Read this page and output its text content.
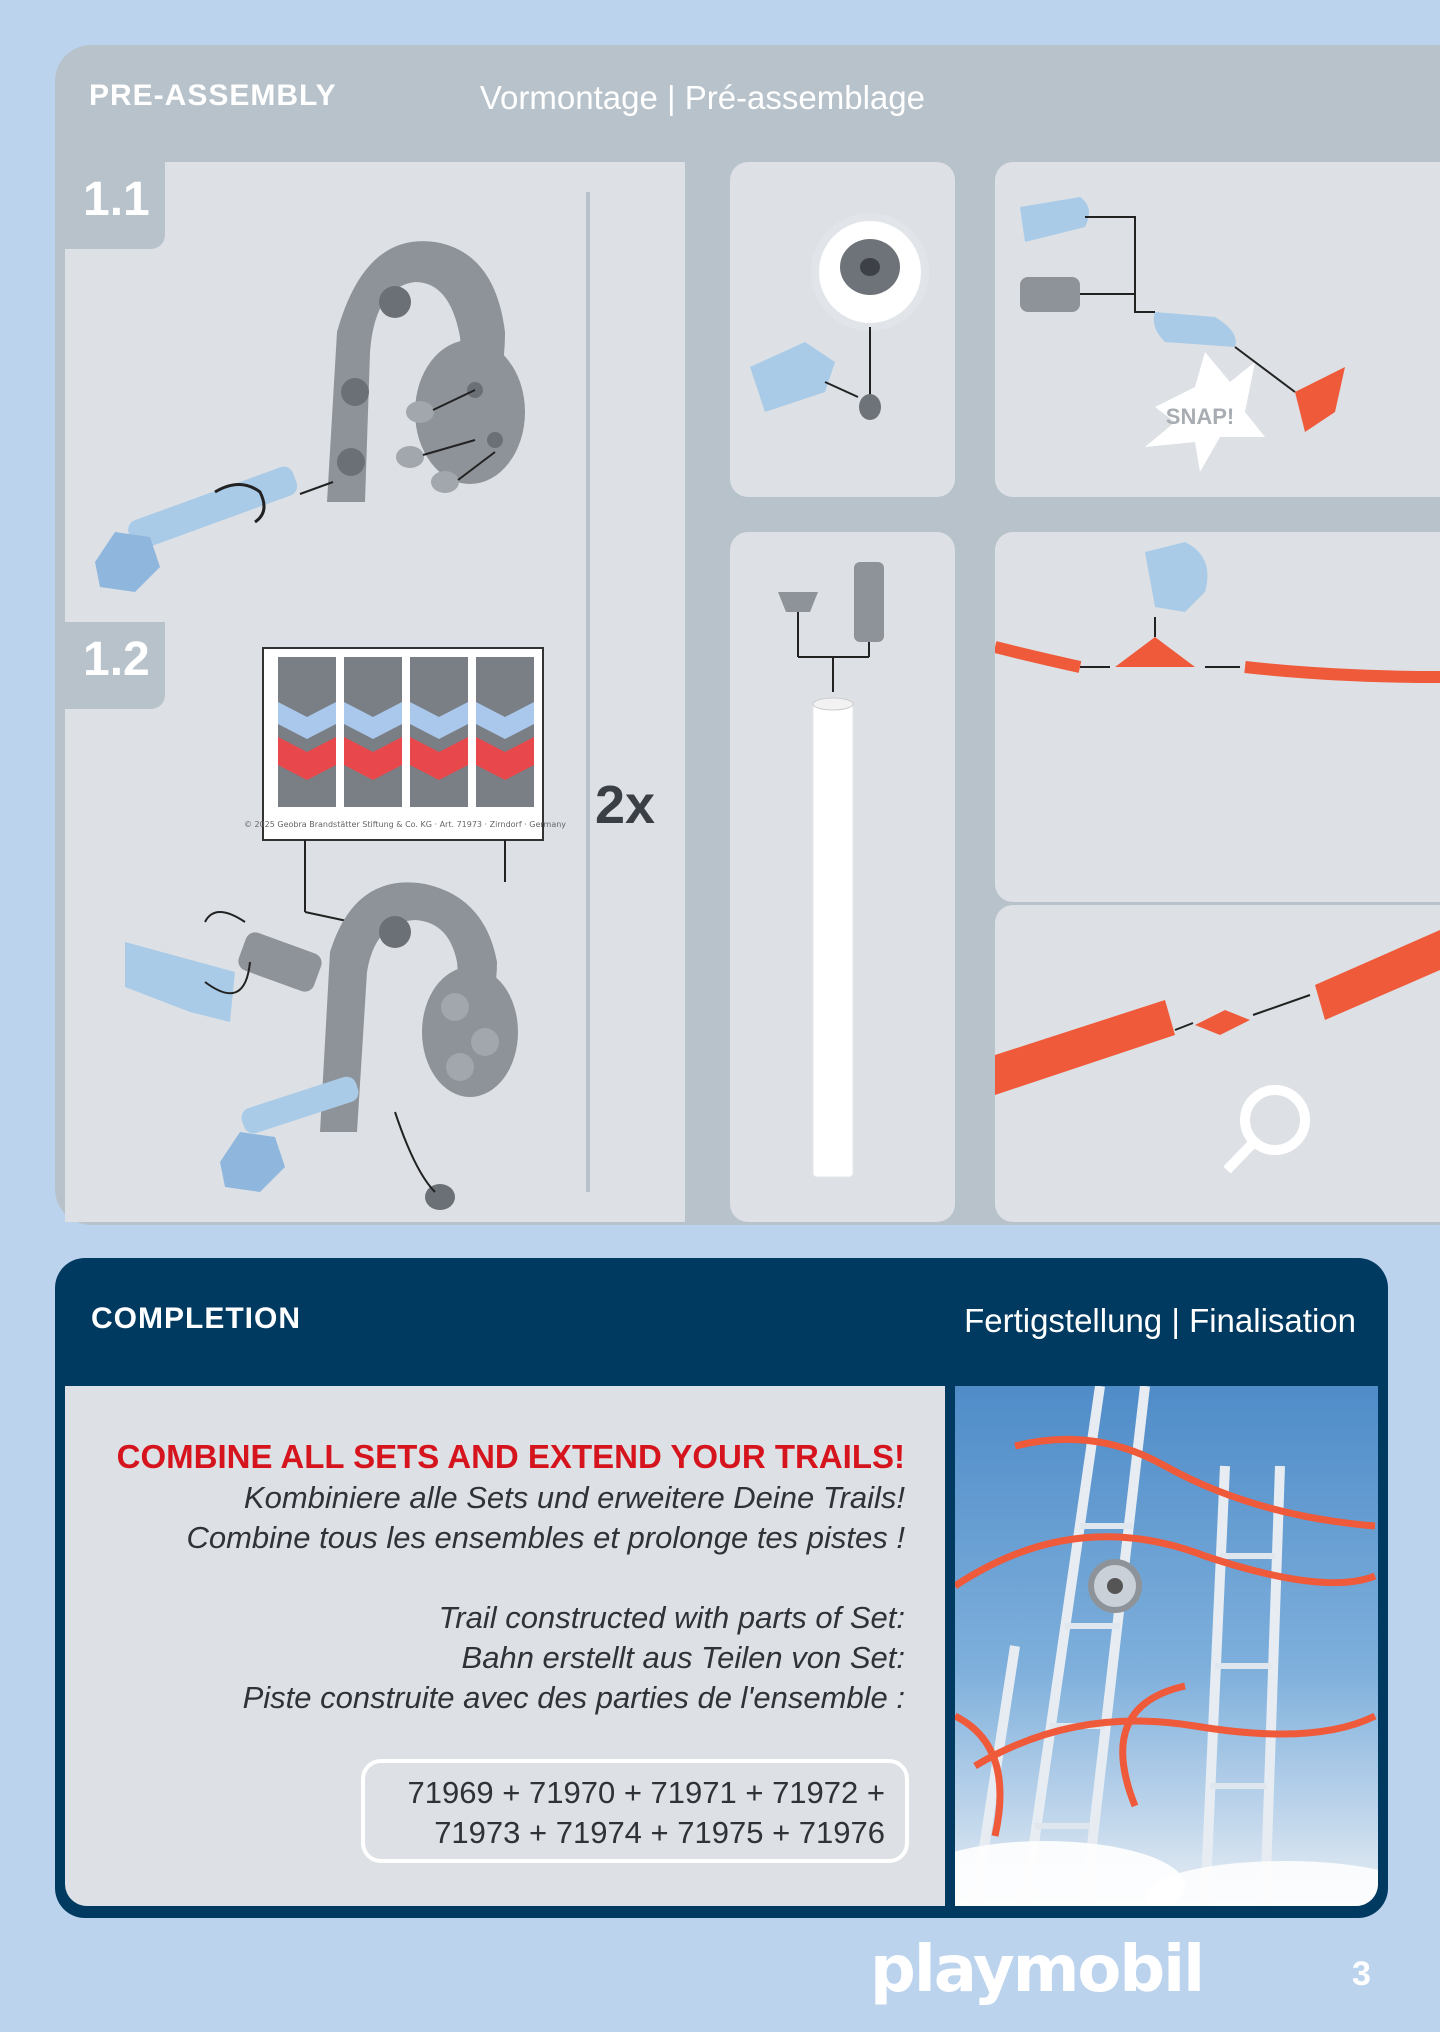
PRE-ASSEMBLY	Vormontage | Pré-assemblage
1.1
© 2025 Geobra Brandstätter Stiftung & Co. KG · Art. 71973 · Zirndorf · Germany
1.2
2x
SNAP!
COMPLETION	Fertigstellung | Finalisation
COMBINE ALL SETS AND EXTEND YOUR TRAILS!
Kombiniere alle Sets und erweitere Deine Trails!
Combine tous les ensembles et prolonge tes pistes !
Trail constructed with parts of Set:
Bahn erstellt aus Teilen von Set:
Piste construite avec des parties de l'ensemble :
71969 + 71970 + 71971 + 71972 +
71973 + 71974 + 71975 + 71976
playmobil	3
